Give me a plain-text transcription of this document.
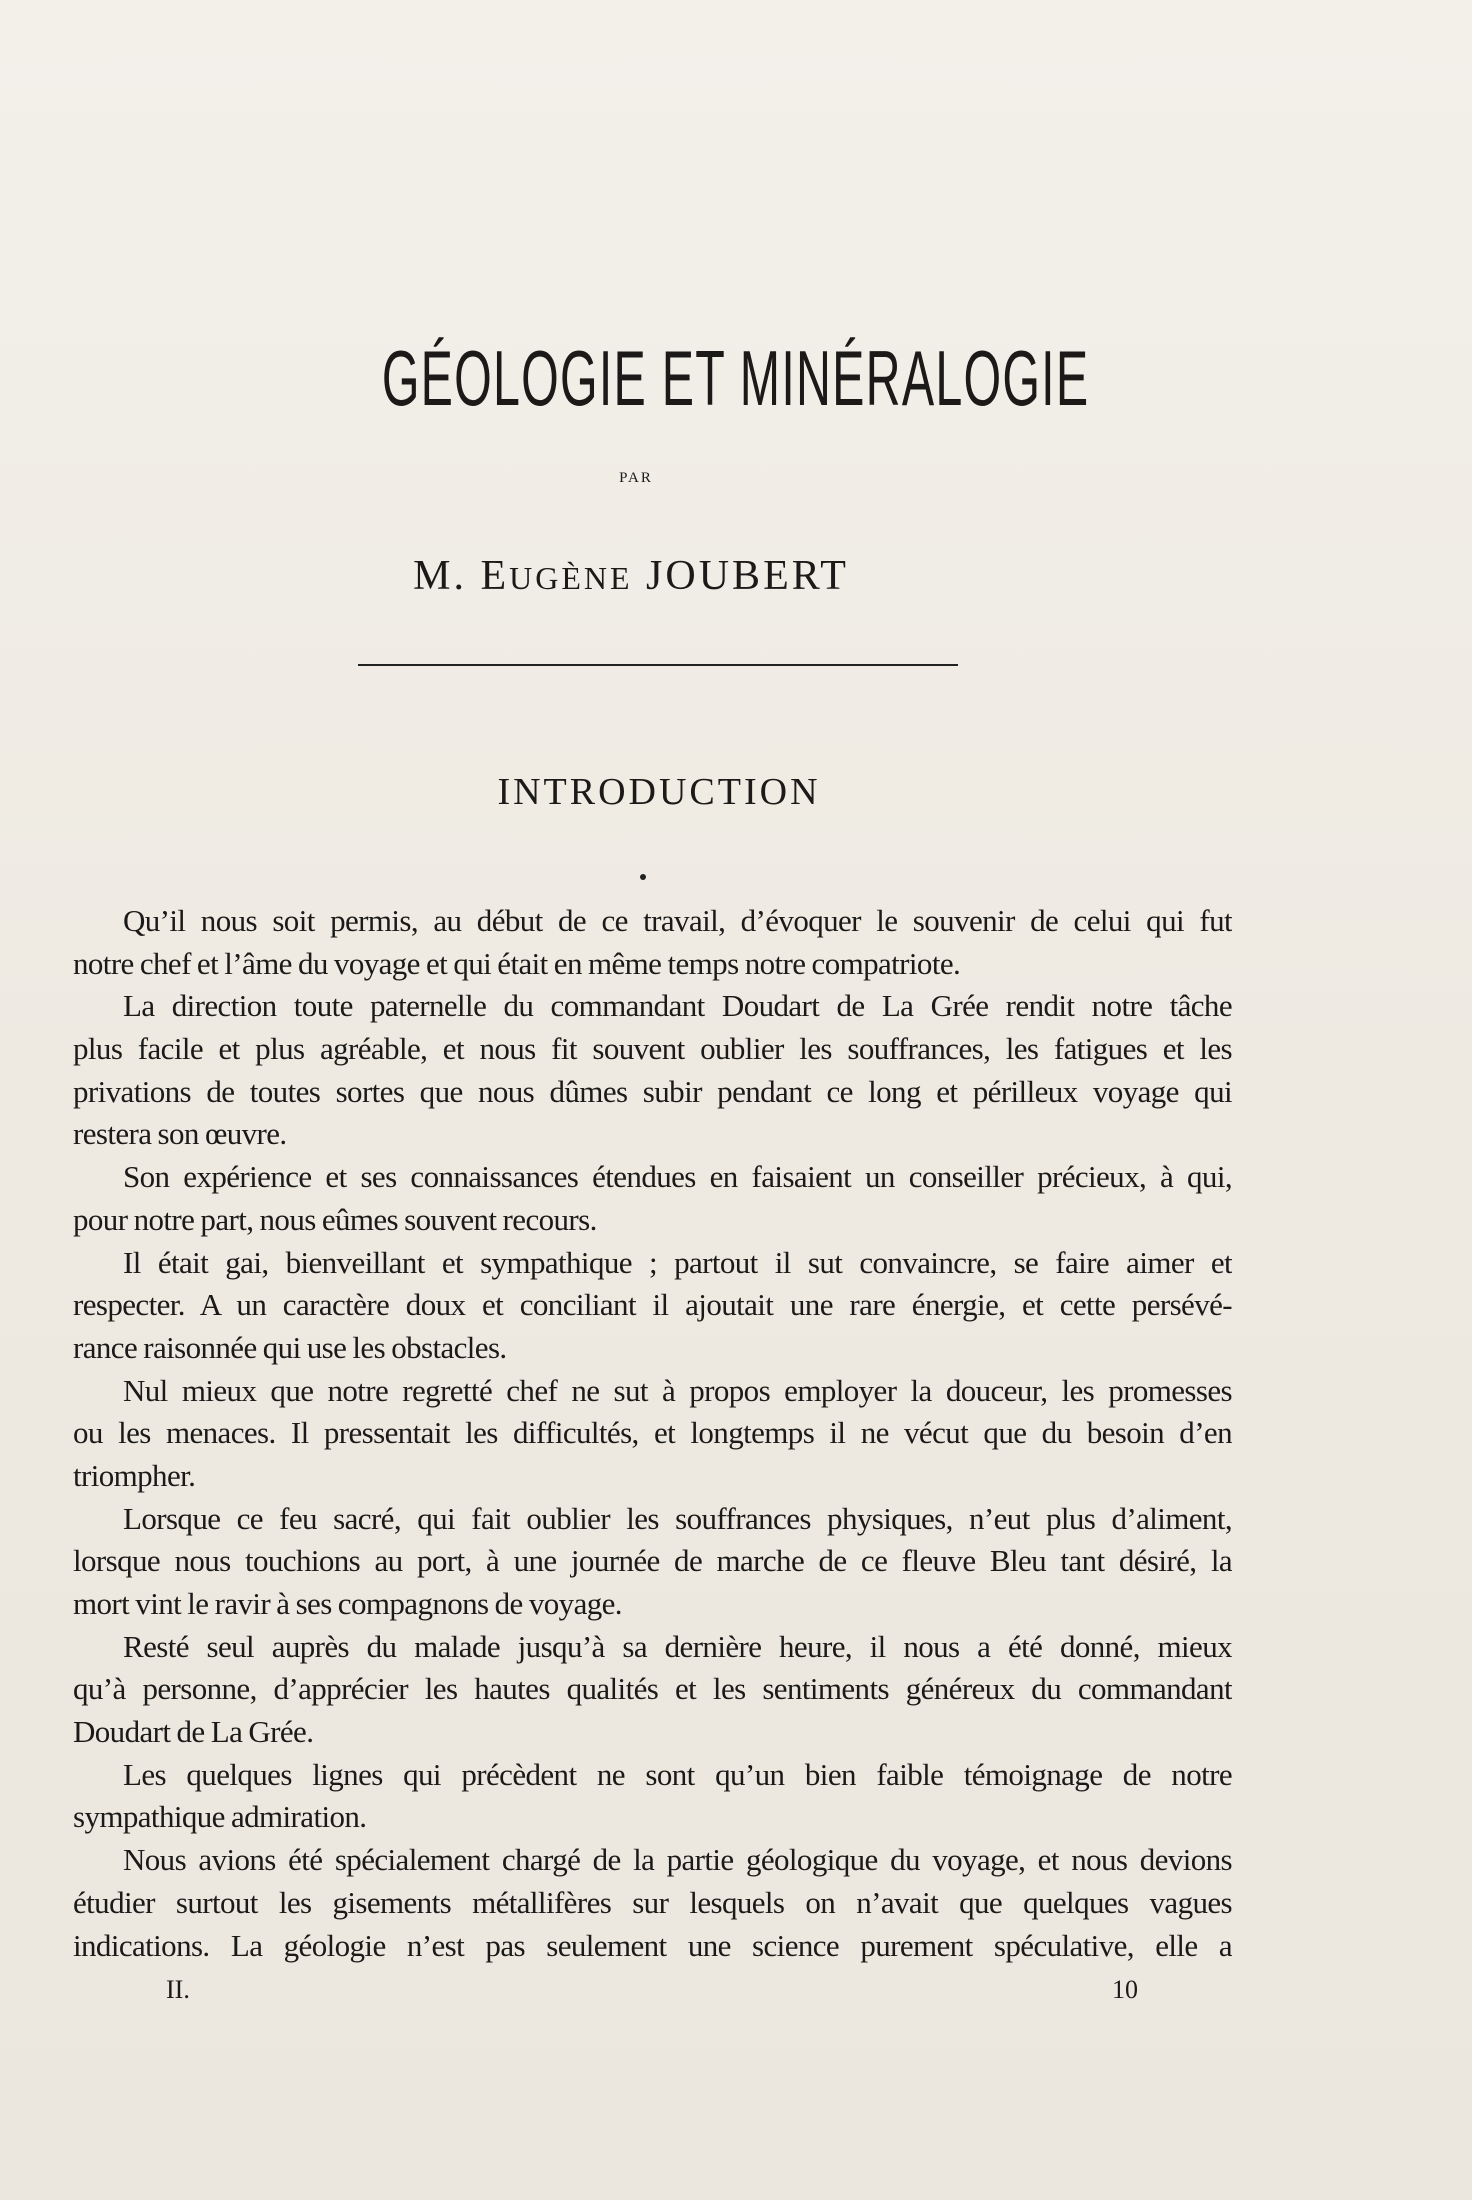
GÉOLOGIE ET MINÉRALOGIE
PAR
M. EUGÈNE JOUBERT
INTRODUCTION
Qu’il nous soit permis, au début de ce travail, d’évoquer le souvenir de celui qui fut
notre chef et l’âme du voyage et qui était en même temps notre compatriote.
La direction toute paternelle du commandant Doudart de La Grée rendit notre tâche
plus facile et plus agréable, et nous fit souvent oublier les souffrances, les fatigues et les
privations de toutes sortes que nous dûmes subir pendant ce long et périlleux voyage qui
restera son œuvre.
Son expérience et ses connaissances étendues en faisaient un conseiller précieux, à qui,
pour notre part, nous eûmes souvent recours.
Il était gai, bienveillant et sympathique ; partout il sut convaincre, se faire aimer et
respecter. A un caractère doux et conciliant il ajoutait une rare énergie, et cette persévé-
rance raisonnée qui use les obstacles.
Nul mieux que notre regretté chef ne sut à propos employer la douceur, les promesses
ou les menaces. Il pressentait les difficultés, et longtemps il ne vécut que du besoin d’en
triompher.
Lorsque ce feu sacré, qui fait oublier les souffrances physiques, n’eut plus d’aliment,
lorsque nous touchions au port, à une journée de marche de ce fleuve Bleu tant désiré, la
mort vint le ravir à ses compagnons de voyage.
Resté seul auprès du malade jusqu’à sa dernière heure, il nous a été donné, mieux
qu’à personne, d’apprécier les hautes qualités et les sentiments généreux du commandant
Doudart de La Grée.
Les quelques lignes qui précèdent ne sont qu’un bien faible témoignage de notre
sympathique admiration.
Nous avions été spécialement chargé de la partie géologique du voyage, et nous devions
étudier surtout les gisements métallifères sur lesquels on n’avait que quelques vagues
indications. La géologie n’est pas seulement une science purement spéculative, elle a
II.	10
